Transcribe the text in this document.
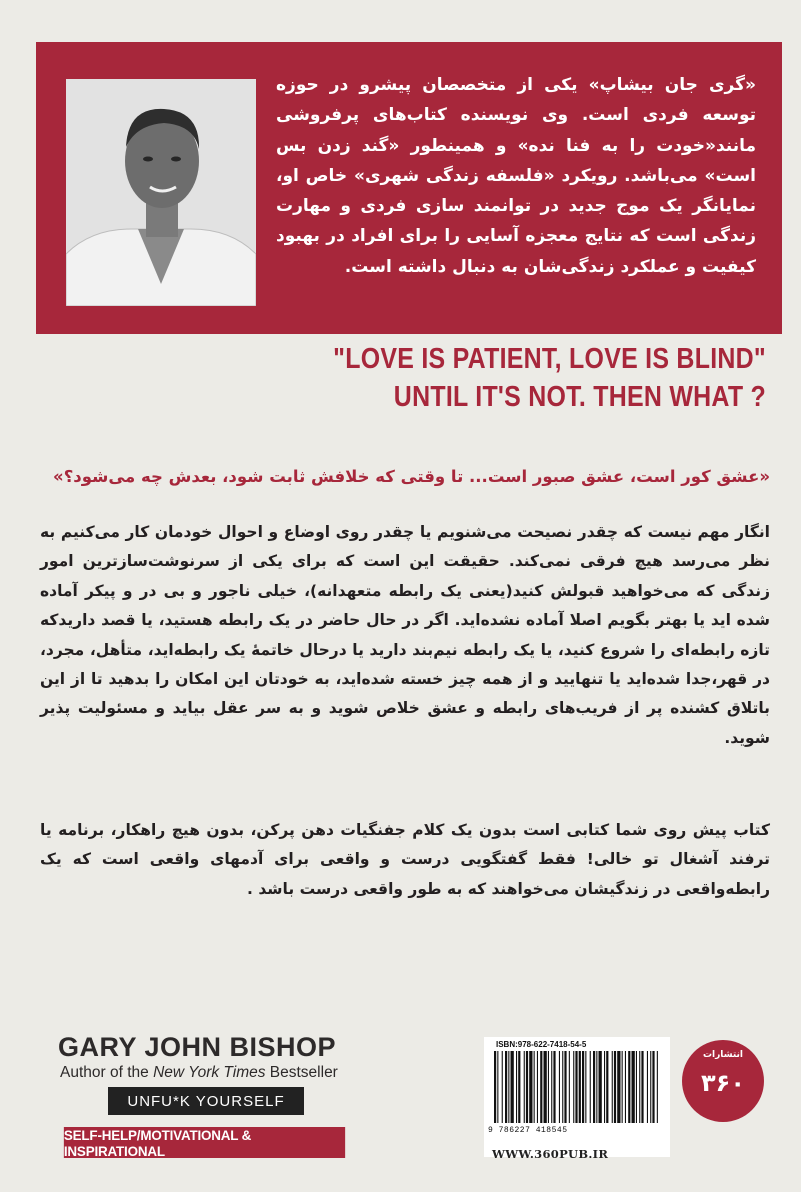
«گری جان بیشاپ» یکی از متخصصان پیشرو در حوزه توسعه فردی است. وی نویسنده کتاب‌های پرفروشی مانند«خودت را به فنا نده» و همینطور «گند زدن بس است» می‌باشد. رویکرد «فلسفه زندگی شهری» خاص او، نمایانگر یک موج جدید در توانمند سازی فردی و مهارت زندگی است که نتایج معجزه آسایی را برای افراد در بهبود کیفیت و عملکرد زندگی‌شان به دنبال داشته است.

"LOVE IS PATIENT, LOVE IS BLIND"
UNTIL IT'S NOT. THEN WHAT ?

«عشق کور است، عشق صبور است... تا وقتی که خلافش ثابت شود، بعدش چه می‌شود؟»

انگار مهم نیست که چقدر نصیحت می‌شنویم یا چقدر روی اوضاع و احوال خودمان کار می‌کنیم به نظر می‌رسد هیچ فرقی نمی‌کند. حقیقت این است که برای یکی از سرنوشت‌سازترین امور زندگی که می‌خواهید قبولش کنید(یعنی یک رابطه متعهدانه)، خیلی ناجور و بی در و پیکر آماده شده اید یا بهتر بگویم اصلا آماده نشده‌اید. اگر در حال حاضر در یک رابطه هستید، یا قصد داریدکه تازه رابطه‌ای را شروع کنید، یا یک رابطه نیم‌بند دارید یا درحال خاتمهٔ یک رابطه‌اید، متأهل، مجرد، در قهر،جدا شده‌اید یا تنهایید و از همه چیز خسته شده‌اید، به خودتان این امکان را بدهید تا از این باتلاق کشنده پر از فریب‌های رابطه و عشق خلاص شوید و به سر عقل بیاید و مسئولیت پذیر شوید.

کتاب پیش روی شما کتابی است بدون یک کلام جفنگیات دهن پرکن، بدون هیچ راهکار، برنامه یا ترفند آشغال تو خالی! فقط گفتگویی درست و واقعی برای آدمهای واقعی است که یک رابطه‌واقعی در زندگیشان می‌خواهند که به طور واقعی درست باشد .

GARY JOHN BISHOP
Author of the New York Times Bestseller
UNFU*K YOURSELF
SELF-HELP/MOTIVATIONAL & INSPIRATIONAL
ISBN:978-622-7418-54-5
9 786227 418545
WWW.360PUB.IR
انتشارات
۳۶۰
